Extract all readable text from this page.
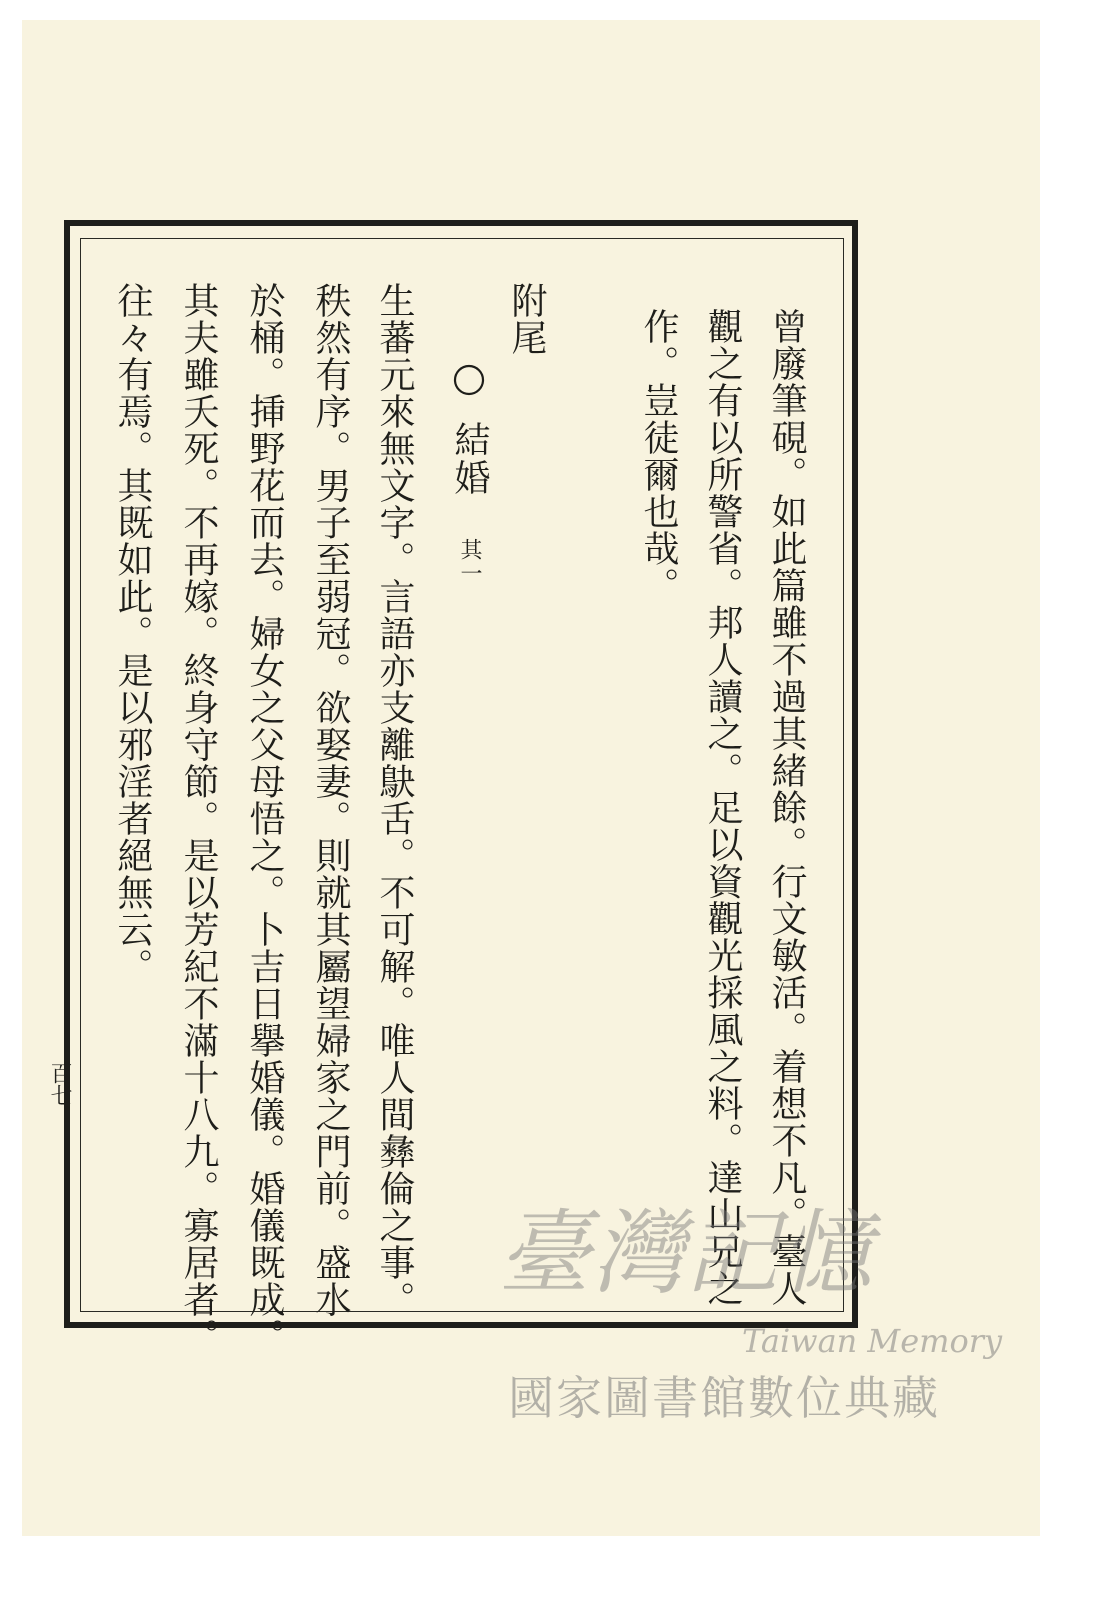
曾廢筆硯。如此篇雖不過其緒餘。行文敏活。着想不凡。臺人
觀之有以所警省。邦人讀之。足以資觀光採風之料。達山兄之
作。豈徒爾也哉。
附尾
結婚 其一
生蕃元來無文字。言語亦支離鴃舌。不可解。唯人間彝倫之事。
秩然有序。男子至弱冠。欲娶妻。則就其屬望婦家之門前。盛水
於桶。挿野花而去。婦女之父母悟之。卜吉日擧婚儀。婚儀既成。
其夫雖夭死。不再嫁。終身守節。是以芳紀不滿十八九。寡居者。
往々有焉。其既如此。是以邪淫者絕無云。
百七
臺灣記憶
Taiwan Memory
國家圖書館數位典藏
